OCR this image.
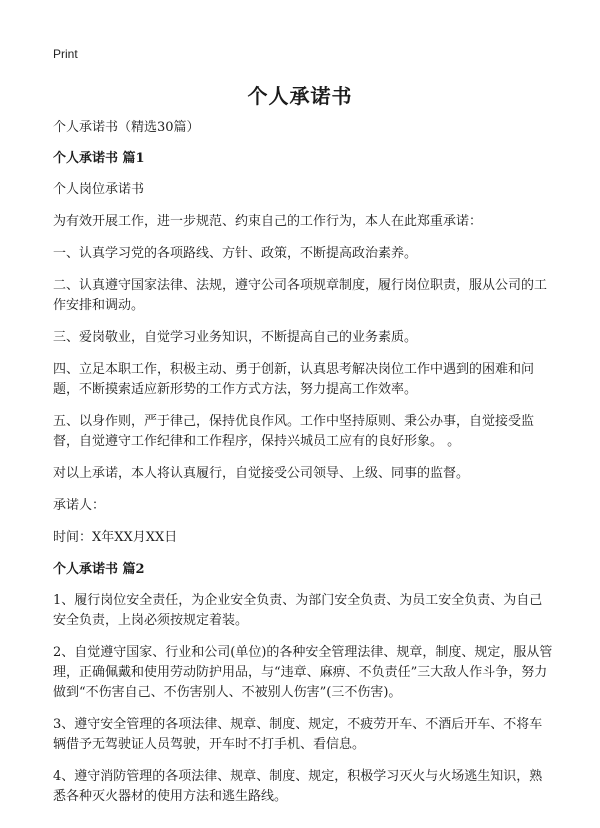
Print
个人承诺书

个人承诺书（精选30篇）

个人承诺书 篇1

个人岗位承诺书

为有效开展工作，进一步规范、约束自己的工作行为，本人在此郑重承诺：

一、认真学习党的各项路线、方针、政策，不断提高政治素养。

二、认真遵守国家法律、法规，遵守公司各项规章制度，履行岗位职责，服从公司的工作安排和调动。

三、爱岗敬业，自觉学习业务知识，不断提高自己的业务素质。

四、立足本职工作，积极主动、勇于创新，认真思考解决岗位工作中遇到的困难和问题，不断摸索适应新形势的工作方式方法，努力提高工作效率。

五、以身作则，严于律己，保持优良作风。工作中坚持原则、秉公办事，自觉接受监督，自觉遵守工作纪律和工作程序，保持兴城员工应有的良好形象。 。

对以上承诺，本人将认真履行，自觉接受公司领导、上级、同事的监督。

承诺人：

时间：X年XX月XX日

个人承诺书 篇2

1、履行岗位安全责任，为企业安全负责、为部门安全负责、为员工安全负责、为自己安全负责，上岗必须按规定着装。

2、自觉遵守国家、行业和公司(单位)的各种安全管理法律、规章，制度、规定，服从管理，正确佩戴和使用劳动防护用品，与“违章、麻痹、不负责任”三大敌人作斗争，努力做到“不伤害自己、不伤害别人、不被别人伤害”(三不伤害)。

3、遵守安全管理的各项法律、规章、制度、规定，不疲劳开车、不酒后开车、不将车辆借予无驾驶证人员驾驶，开车时不打手机、看信息。

4、遵守消防管理的各项法律、规章、制度、规定，积极学习灭火与火场逃生知识，熟悉各种灭火器材的使用方法和逃生路线。
